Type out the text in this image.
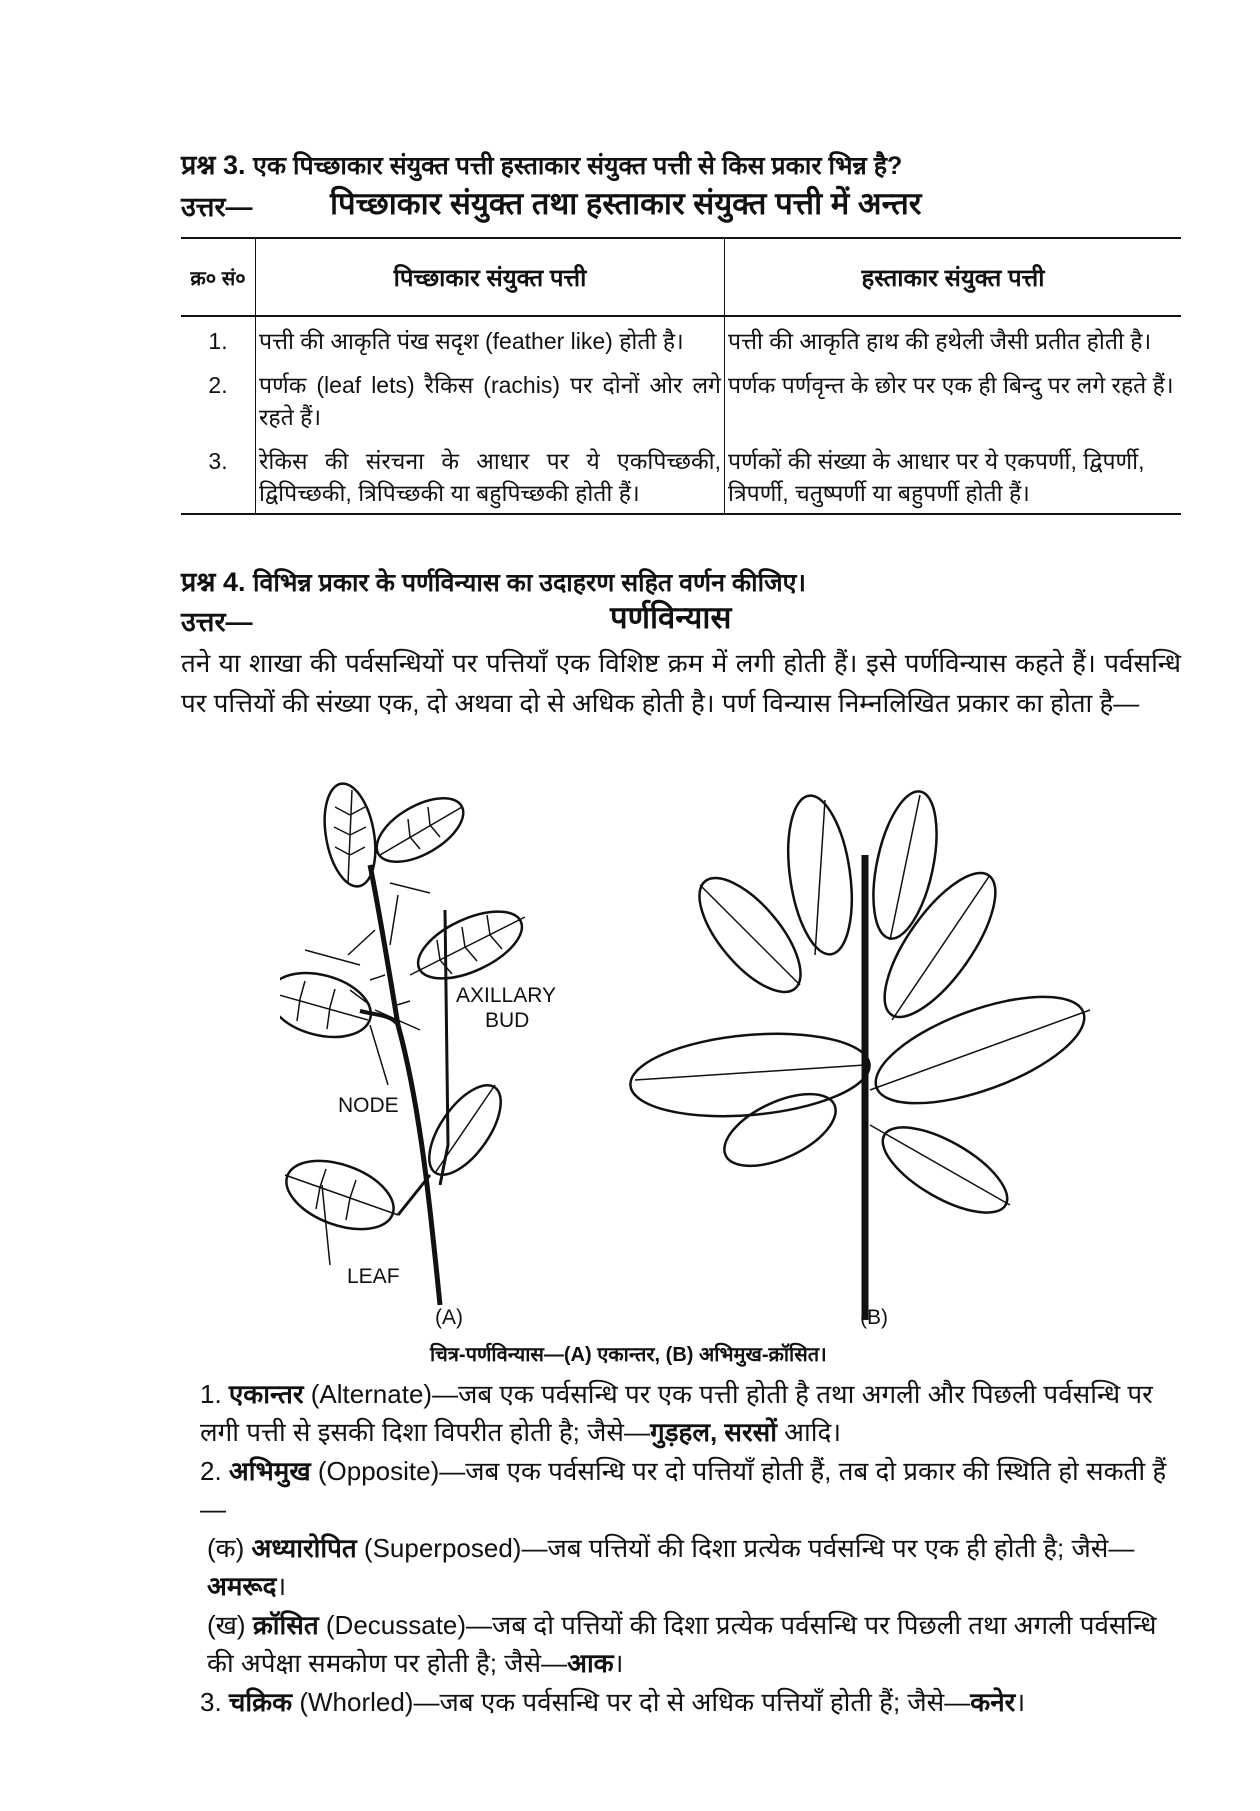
प्रश्न 3. एक पिच्छाकार संयुक्त पत्ती हस्ताकार संयुक्त पत्ती से किस प्रकार भिन्न है?
उत्तर—	पिच्छाकार संयुक्त तथा हस्ताकार संयुक्त पत्ती में अन्तर
क्र० सं०	पिच्छाकार संयुक्त पत्ती	हस्ताकार संयुक्त पत्ती
1.	पत्ती की आकृति पंख सदृश (feather like) होती है।	पत्ती की आकृति हाथ की हथेली जैसी प्रतीत होती है।
2.	पर्णक (leaf lets) रैकिस (rachis) पर दोनों ओर लगे रहते हैं।	पर्णक पर्णवृन्त के छोर पर एक ही बिन्दु पर लगे रहते हैं।
3.	रेकिस की संरचना के आधार पर ये एकपिच्छकी, द्विपिच्छकी, त्रिपिच्छकी या बहुपिच्छकी होती हैं।	पर्णकों की संख्या के आधार पर ये एकपर्णी, द्विपर्णी, त्रिपर्णी, चतुष्पर्णी या बहुपर्णी होती हैं।
प्रश्न 4. विभिन्न प्रकार के पर्णविन्यास का उदाहरण सहित वर्णन कीजिए।
उत्तर—	पर्णविन्यास
तने या शाखा की पर्वसन्धियों पर पत्तियाँ एक विशिष्ट क्रम में लगी होती हैं। इसे पर्णविन्यास कहते हैं। पर्वसन्धि पर पत्तियों की संख्या एक, दो अथवा दो से अधिक होती है। पर्ण विन्यास निम्नलिखित प्रकार का होता है—
AXILLARY
BUD
NODE
LEAF
(A)	(B)
चित्र-पर्णविन्यास—(A) एकान्तर, (B) अभिमुख-क्रॉसित।
1. एकान्तर (Alternate)—जब एक पर्वसन्धि पर एक पत्ती होती है तथा अगली और पिछली पर्वसन्धि पर लगी पत्ती से इसकी दिशा विपरीत होती है; जैसे—गुड़हल, सरसों आदि।
2. अभिमुख (Opposite)—जब एक पर्वसन्धि पर दो पत्तियाँ होती हैं, तब दो प्रकार की स्थिति हो सकती हैं—
(क) अध्यारोपित (Superposed)—जब पत्तियों की दिशा प्रत्येक पर्वसन्धि पर एक ही होती है; जैसे—अमरूद।
(ख) क्रॉसित (Decussate)—जब दो पत्तियों की दिशा प्रत्येक पर्वसन्धि पर पिछली तथा अगली पर्वसन्धि की अपेक्षा समकोण पर होती है; जैसे—आक।
3. चक्रिक (Whorled)—जब एक पर्वसन्धि पर दो से अधिक पत्तियाँ होती हैं; जैसे—कनेर।
